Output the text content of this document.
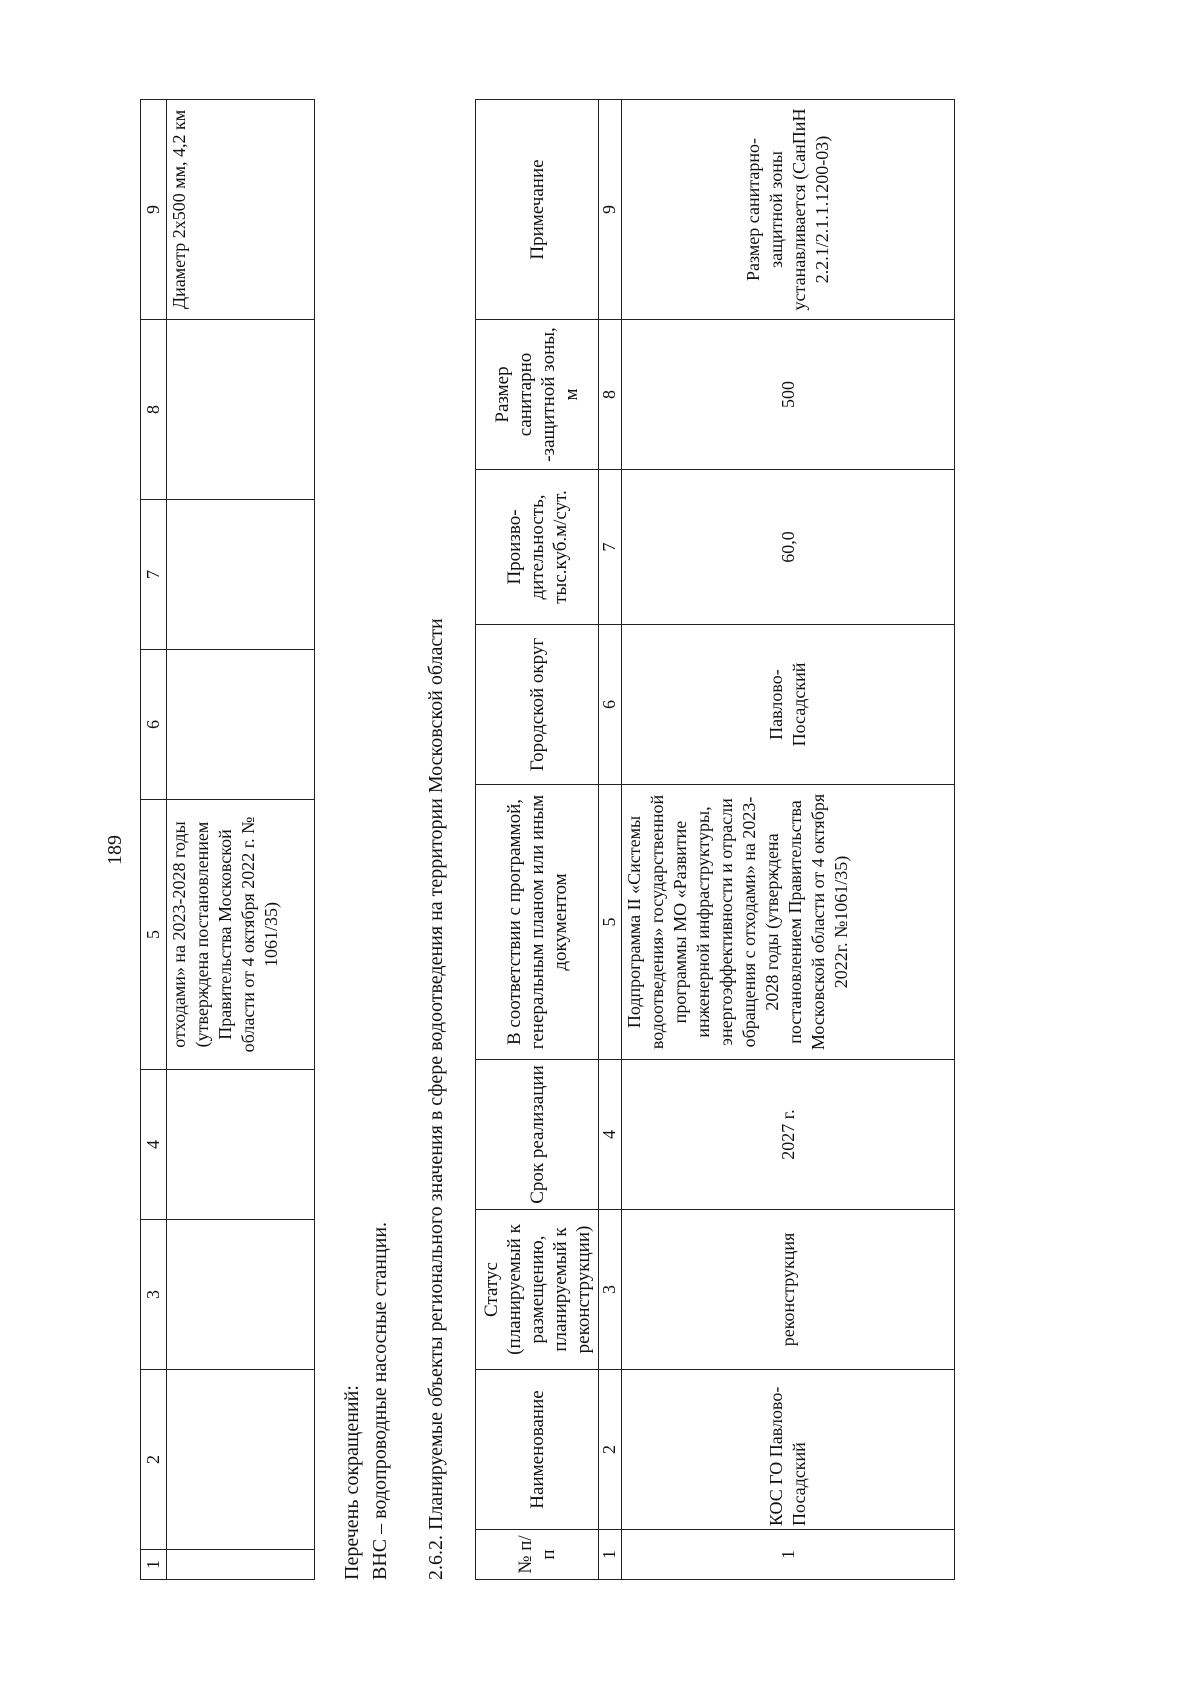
189
1	2	3	4	5	6	7	8	9
				отходами» на 2023-2028 годы (утверждена постановлением Правительства Московской области от 4 октября 2022 г. № 1061/35)				Диаметр 2х500 мм, 4,2 км
Перечень сокращений: ВНС – водопроводные насосные станции. 2.6.2. Планируемые объекты регионального значения в сфере водоотведения на территории Московской области	№ п/п	Наименование	Статус (планируемый к размещению, планируемый к реконструкции)	Срок реализации	В соответствии с программой, генеральным планом или иным документом	Городской округ	Произво-дительность, тыс.куб.м/сут.	Размер санитарно -защитной зоны, м	Примечание
1	2	3	4	5	6	7	8	9
1	КОС ГО Павлово-Посадский	реконструкция	2027 г.	Подпрограмма II «Системы водоотведения» государственной программы МО «Развитие инженерной инфраструктуры, энергоэффективности и отрасли обращения с отходами» на 2023-2028 годы (утверждена постановлением Правительства Московской области от 4 октября 2022г. №1061/35)	Павлово-Посадский	60,0	500	Размер санитарно-защитной зоны устанавливается (СанПиН 2.2.1/2.1.1.1200-03)
